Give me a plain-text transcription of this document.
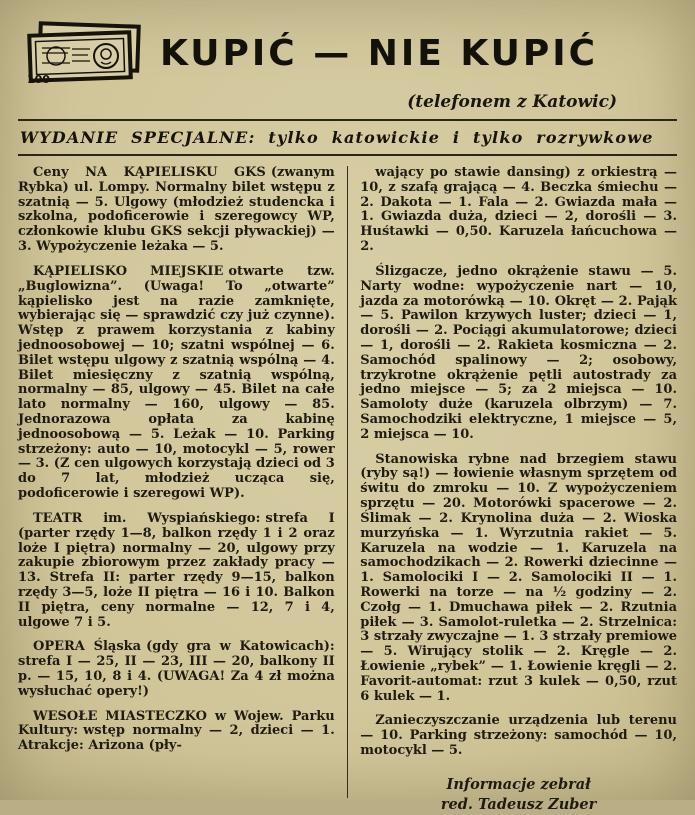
100
KUPIĆ — NIE KUPIĆ
(telefonem z Katowic)
WYDANIE SPECJALNE: tylko katowickie i tylko rozrywkowe

Ceny NA KĄPIELISKU GKS (zwanym Rybka) ul. Lompy. Normalny bilet wstępu z szatnią — 5. Ulgowy (młodzież studencka i szkolna, podoficerowie i szeregowcy WP, członkowie klubu GKS sekcji pływackiej) — 3. Wypożyczenie leżaka — 5.

KĄPIELISKO MIEJSKIE otwarte tzw. „Buglowizna”. (Uwaga! To „otwarte” kąpielisko jest na razie zamknięte, wybierając się — sprawdzić czy już czynne). Wstęp z prawem korzystania z kabiny jednoosobowej — 10; szatni wspólnej — 6. Bilet wstępu ulgowy z szatnią wspólną — 4. Bilet miesięczny z szatnią wspólną, normalny — 85, ulgowy — 45. Bilet na całe lato normalny — 160, ulgowy — 85. Jednorazowa opłata za kabinę jednoosobową — 5. Leżak — 10. Parking strzeżony: auto — 10, motocykl — 5, rower — 3. (Z cen ulgowych korzystają dzieci od 3 do 7 lat, młodzież ucząca się, podoficerowie i szeregowi WP).

TEATR im. Wyspiańskiego: strefa I (parter rzędy 1—8, balkon rzędy 1 i 2 oraz loże I piętra) normalny — 20, ulgowy przy zakupie zbiorowym przez zakłady pracy — 13. Strefa II: parter rzędy 9—15, balkon rzędy 3—5, loże II piętra — 16 i 10. Balkon II piętra, ceny normalne — 12, 7 i 4, ulgowe 7 i 5.

OPERA Śląska (gdy gra w Katowicach): strefa I — 25, II — 23, III — 20, balkony II p. — 15, 10, 8 i 4. (UWAGA! Za 4 zł można wysłuchać opery!)

WESOŁE MIASTECZKO w Wojew. Parku Kultury: wstęp normalny — 2, dzieci — 1. Atrakcje: Arizona (pły-

wający po stawie dansing) z orkiestrą — 10, z szafą grającą — 4. Beczka śmiechu — 2. Dakota — 1. Fala — 2. Gwiazda mała — 1. Gwiazda duża, dzieci — 2, dorośli — 3. Huśtawki — 0,50. Karuzela łańcuchowa — 2.

Ślizgacze, jedno okrążenie stawu — 5. Narty wodne: wypożyczenie nart — 10, jazda za motorówką — 10. Okręt — 2. Pająk — 5. Pawilon krzywych luster; dzieci — 1, dorośli — 2. Pociągi akumulatorowe; dzieci — 1, dorośli — 2. Rakieta kosmiczna — 2. Samochód spalinowy — 2; osobowy, trzykrotne okrążenie pętli autostrady za jedno miejsce — 5; za 2 miejsca — 10. Samoloty duże (karuzela olbrzym) — 7. Samochodziki elektryczne, 1 miejsce — 5, 2 miejsca — 10.

Stanowiska rybne nad brzegiem stawu (ryby są!) — łowienie własnym sprzętem od świtu do zmroku — 10. Z wypożyczeniem sprzętu — 20. Motorówki spacerowe — 2. Ślimak — 2. Krynolina duża — 2. Wioska murzyńska — 1. Wyrzutnia rakiet — 5. Karuzela na wodzie — 1. Karuzela na samochodzikach — 2. Rowerki dziecinne — 1. Samolociki I — 2. Samolociki II — 1. Rowerki na torze — na ½ godziny — 2. Czołg — 1. Dmuchawa piłek — 2. Rzutnia piłek — 3. Samolot-ruletka — 2. Strzelnica: 3 strzały zwyczajne — 1. 3 strzały premiowe — 5. Wirujący stolik — 2. Kręgle — 2. Łowienie „rybek” — 1. Łowienie kręgli — 2. Favorit-automat: rzut 3 kulek — 0,50, rzut 6 kulek — 1.

Zanieczyszczanie urządzenia lub terenu — 10. Parking strzeżony: samochód — 10, motocykl — 5.

Informacje zebrał
red. Tadeusz Zuber
